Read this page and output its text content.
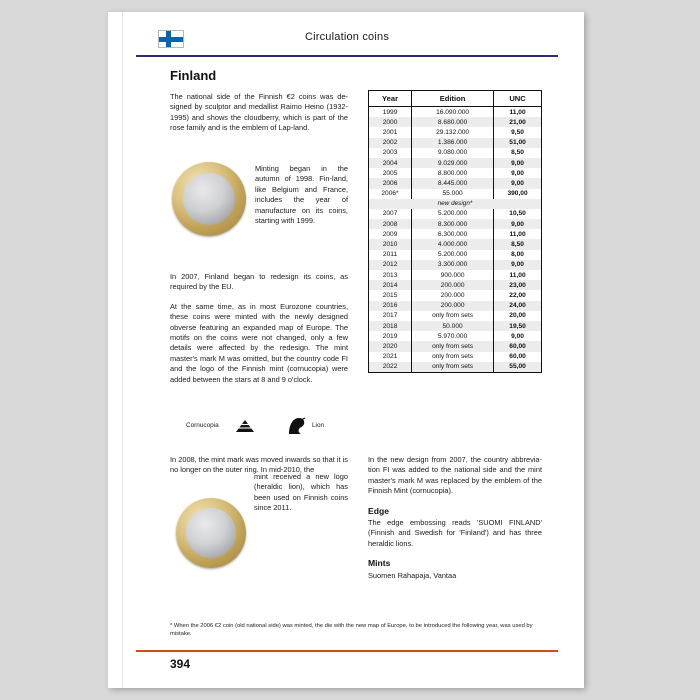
Circulation coins
Finland

The national side of the Finnish €2 coins was de-signed by sculptor and medallist Raimo Heino (1932-1995) and shows the cloudberry, which is part of the rose family and is the emblem of Lap-land.

Minting began in the autumn of 1998. Fin-land, like Belgium and France, includes the year of manufacture on its coins, starting with 1999.

In 2007, Finland began to redesign its coins, as required by the EU.

At the same time, as in most Eurozone countries, these coins were minted with the newly designed obverse featuring an expanded map of Europe. The motifs on the coins were not changed, only a few details were affected by the redesign. The mint master's mark M was omitted, but the country code FI and the logo of the Finnish mint (cornucopia) were added between the stars at 8 and 9 o'clock.

Cornucopia	Lion
In 2008, the mint mark was moved inwards so that it is no longer on the outer ring. In mid-2010, the
mint received a new logo (heraldic lion), which has been used on Finnish coins since 2011.
Year	Edition	UNC
1999	16.090.000	11,00
2000	8.680.000	21,00
2001	29.132.000	9,50
2002	1.386.000	51,00
2003	9.080.000	8,50
2004	9.029.000	9,00
2005	8.800.000	9,00
2006	8.445.000	9,00
2006*	55.000	390,00
new design*		
2007	5.200.000	10,50
2008	8.300.000	9,00
2009	6.300.000	11,00
2010	4.000.000	8,50
2011	5.200.000	8,00
2012	3.300.000	9,00
2013	900.000	11,00
2014	200.000	23,00
2015	200.000	22,00
2016	200.000	24,00
2017	only from sets	20,00
2018	50.000	19,50
2019	5.970.000	9,00
2020	only from sets	60,00
2021	only from sets	60,00
2022	only from sets	55,00

In the new design from 2007, the country abbrevia-tion FI was added to the national side and the mint master's mark M was replaced by the emblem of the Finnish Mint (cornucopia).

Edge

The edge embossing reads 'SUOMI FINLAND' (Finnish and Swedish for 'Finland') and has three heraldic lions.

Mints

Suomen Rahapaja, Vantaa

* When the 2006 €2 coin (old national side) was minted, the die with the new map of Europe, to be introduced the following year, was used by mistake.
394
